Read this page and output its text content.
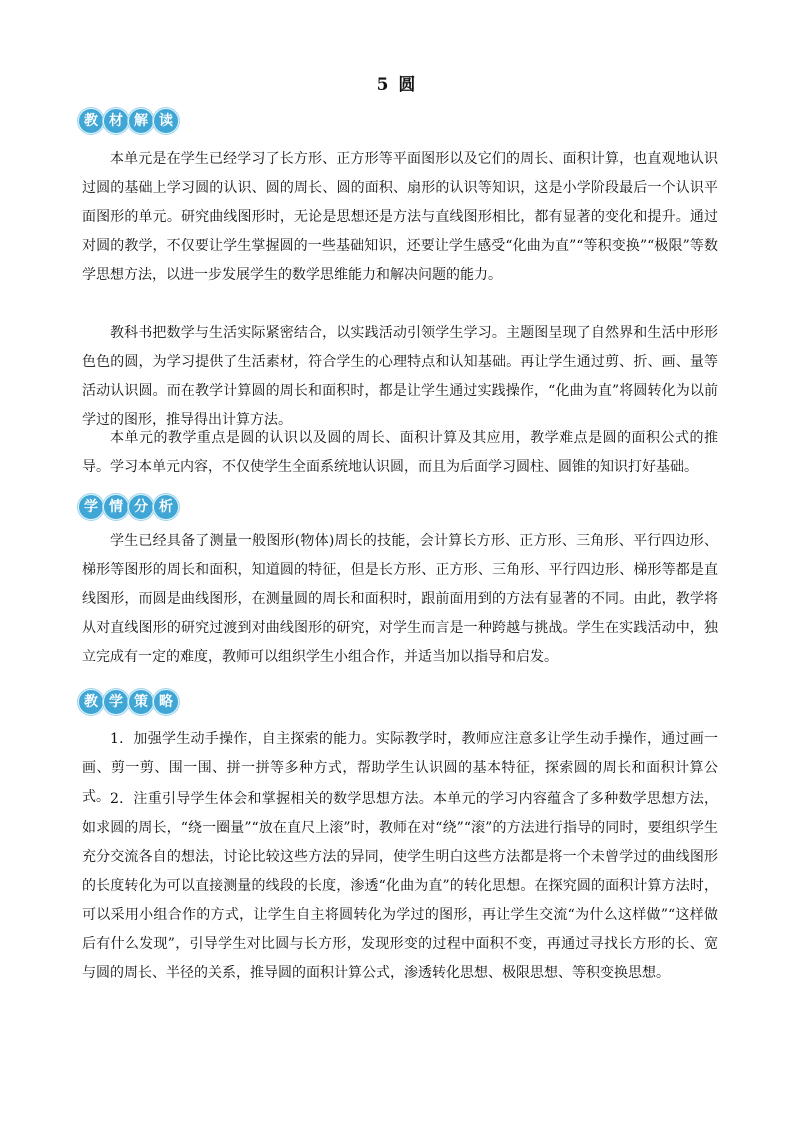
5 圆
教 材 解 读

本单元是在学生已经学习了长方形、正方形等平面图形以及它们的周长、面积计算，也直观地认识过圆的基础上学习圆的认识、圆的周长、圆的面积、扇形的认识等知识，这是小学阶段最后一个认识平面图形的单元。研究曲线图形时，无论是思想还是方法与直线图形相比，都有显著的变化和提升。通过对圆的教学，不仅要让学生掌握圆的一些基础知识，还要让学生感受“化曲为直”“等积变换”“极限”等数学思想方法，以进一步发展学生的数学思维能力和解决问题的能力。

教科书把数学与生活实际紧密结合，以实践活动引领学生学习。主题图呈现了自然界和生活中形形色色的圆，为学习提供了生活素材，符合学生的心理特点和认知基础。再让学生通过剪、折、画、量等活动认识圆。而在教学计算圆的周长和面积时，都是让学生通过实践操作，“化曲为直”将圆转化为以前学过的图形，推导得出计算方法。

本单元的教学重点是圆的认识以及圆的周长、面积计算及其应用，教学难点是圆的面积公式的推导。学习本单元内容，不仅使学生全面系统地认识圆，而且为后面学习圆柱、圆锥的知识打好基础。

学 情 分 析

学生已经具备了测量一般图形(物体)周长的技能，会计算长方形、正方形、三角形、平行四边形、梯形等图形的周长和面积，知道圆的特征，但是长方形、正方形、三角形、平行四边形、梯形等都是直线图形，而圆是曲线图形，在测量圆的周长和面积时，跟前面用到的方法有显著的不同。由此，教学将从对直线图形的研究过渡到对曲线图形的研究，对学生而言是一种跨越与挑战。学生在实践活动中，独立完成有一定的难度，教师可以组织学生小组合作，并适当加以指导和启发。

教 学 策 略

1．加强学生动手操作，自主探索的能力。实际教学时，教师应注意多让学生动手操作，通过画一画、剪一剪、围一围、拼一拼等多种方式，帮助学生认识圆的基本特征，探索圆的周长和面积计算公式。 2．注重引导学生体会和掌握相关的数学思想方法。本单元的学习内容蕴含了多种数学思想方法，如求圆的周长，“绕一圈量”“放在直尺上滚”时，教师在对“绕”“滚”的方法进行指导的同时，要组织学生充分交流各自的想法，讨论比较这些方法的异同，使学生明白这些方法都是将一个未曾学过的曲线图形的长度转化为可以直接测量的线段的长度，渗透“化曲为直”的转化思想。在探究圆的面积计算方法时，可以采用小组合作的方式，让学生自主将圆转化为学过的图形，再让学生交流“为什么这样做”“这样做后有什么发现”，引导学生对比圆与长方形，发现形变的过程中面积不变，再通过寻找长方形的长、宽与圆的周长、半径的关系，推导圆的面积计算公式，渗透转化思想、极限思想、等积变换思想。
